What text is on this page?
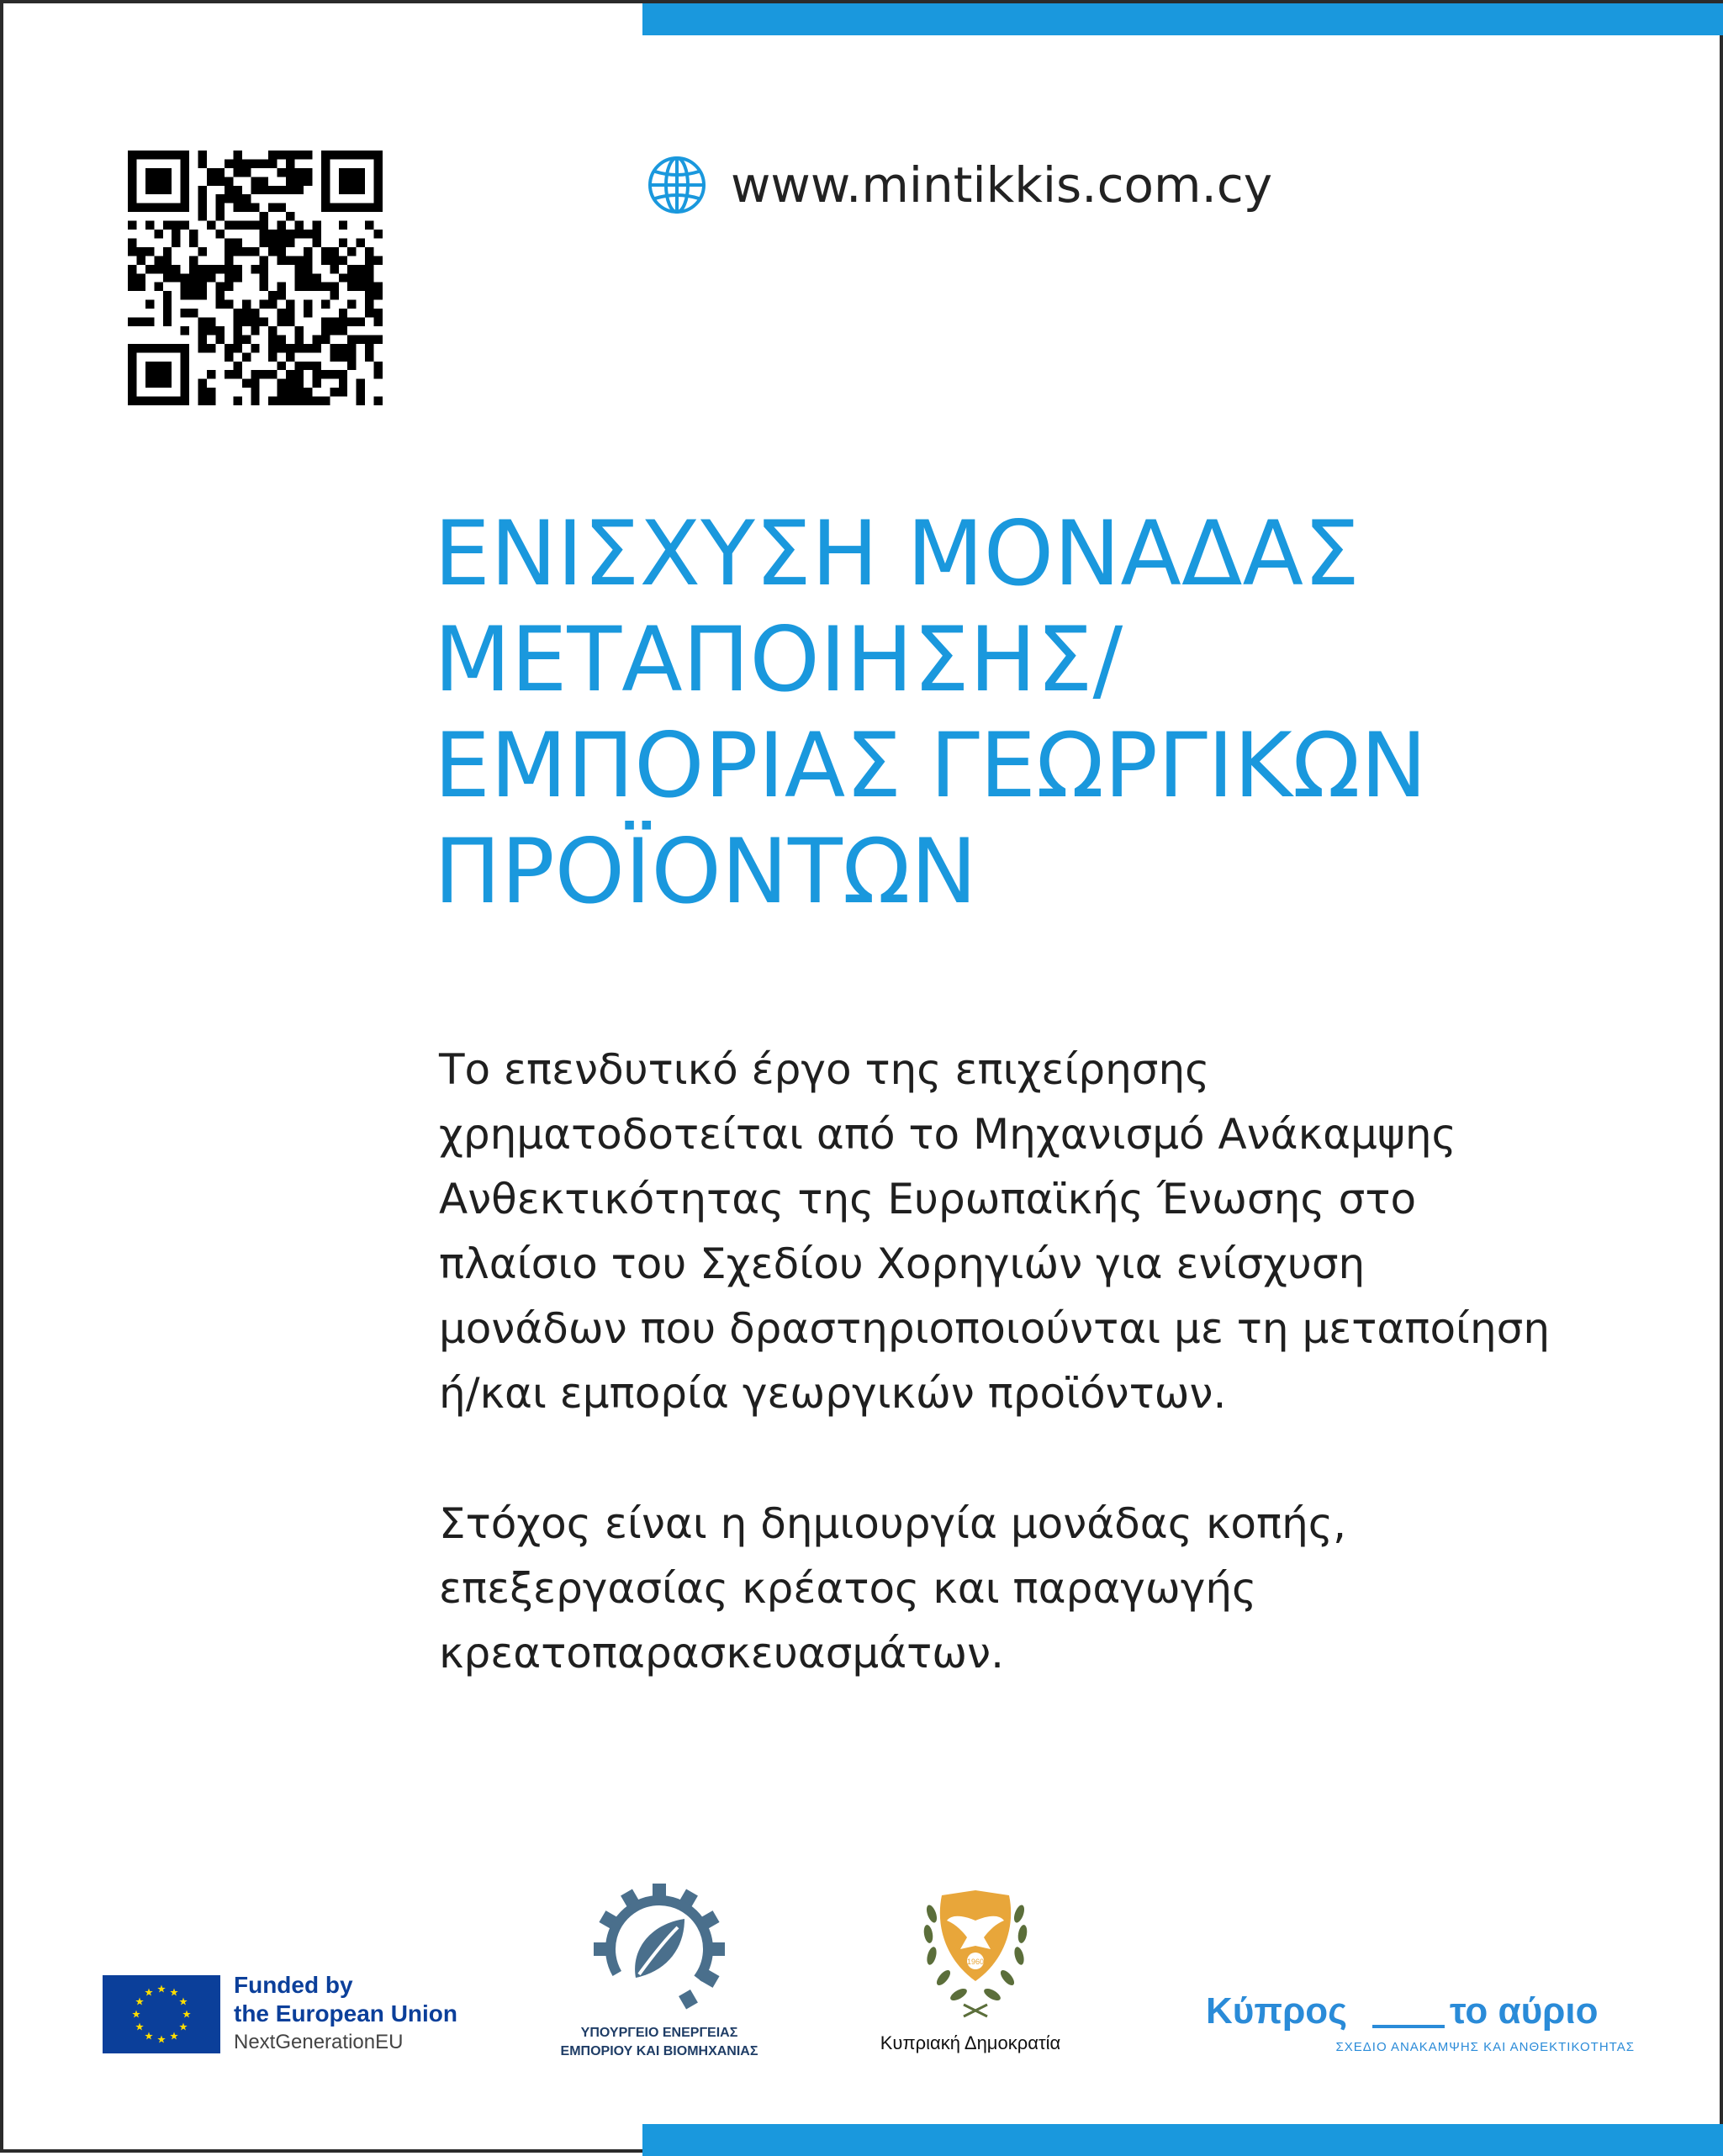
www.mintikkis.com.cy
ΕΝΙΣΧΥΣΗ ΜΟΝΑΔΑΣ
ΜΕΤΑΠΟΙΗΣΗΣ/
ΕΜΠΟΡΙΑΣ ΓΕΩΡΓΙΚΩΝ
ΠΡΟΪΟΝΤΩΝ

Το επενδυτικό έργο της επιχείρησης
χρηματοδοτείται από το Μηχανισμό Ανάκαμψης
Ανθεκτικότητας της Ευρωπαϊκής Ένωσης στο
πλαίσιο του Σχεδίου Χορηγιών για ενίσχυση
μονάδων που δραστηριοποιούνται με τη μεταποίηση
ή/και εμπορία γεωργικών προϊόντων.

Στόχος είναι η δημιουργία μονάδας κοπής,
επεξεργασίας κρέατος και παραγωγής
κρεατοπαρασκευασμάτων.

Funded by
the European Union
NextGenerationEU	ΥΠΟΥΡΓΕΙΟ ΕΝΕΡΓΕΙΑΣ
ΕΜΠΟΡΙΟΥ ΚΑΙ ΒΙΟΜΗΧΑΝΙΑΣ
1960
Κυπριακή Δημοκρατία
Κύπρος	το αύριο
ΣΧΕΔΙΟ ΑΝΑΚΑΜΨΗΣ ΚΑΙ ΑΝΘΕΚΤΙΚΟΤΗΤΑΣ
